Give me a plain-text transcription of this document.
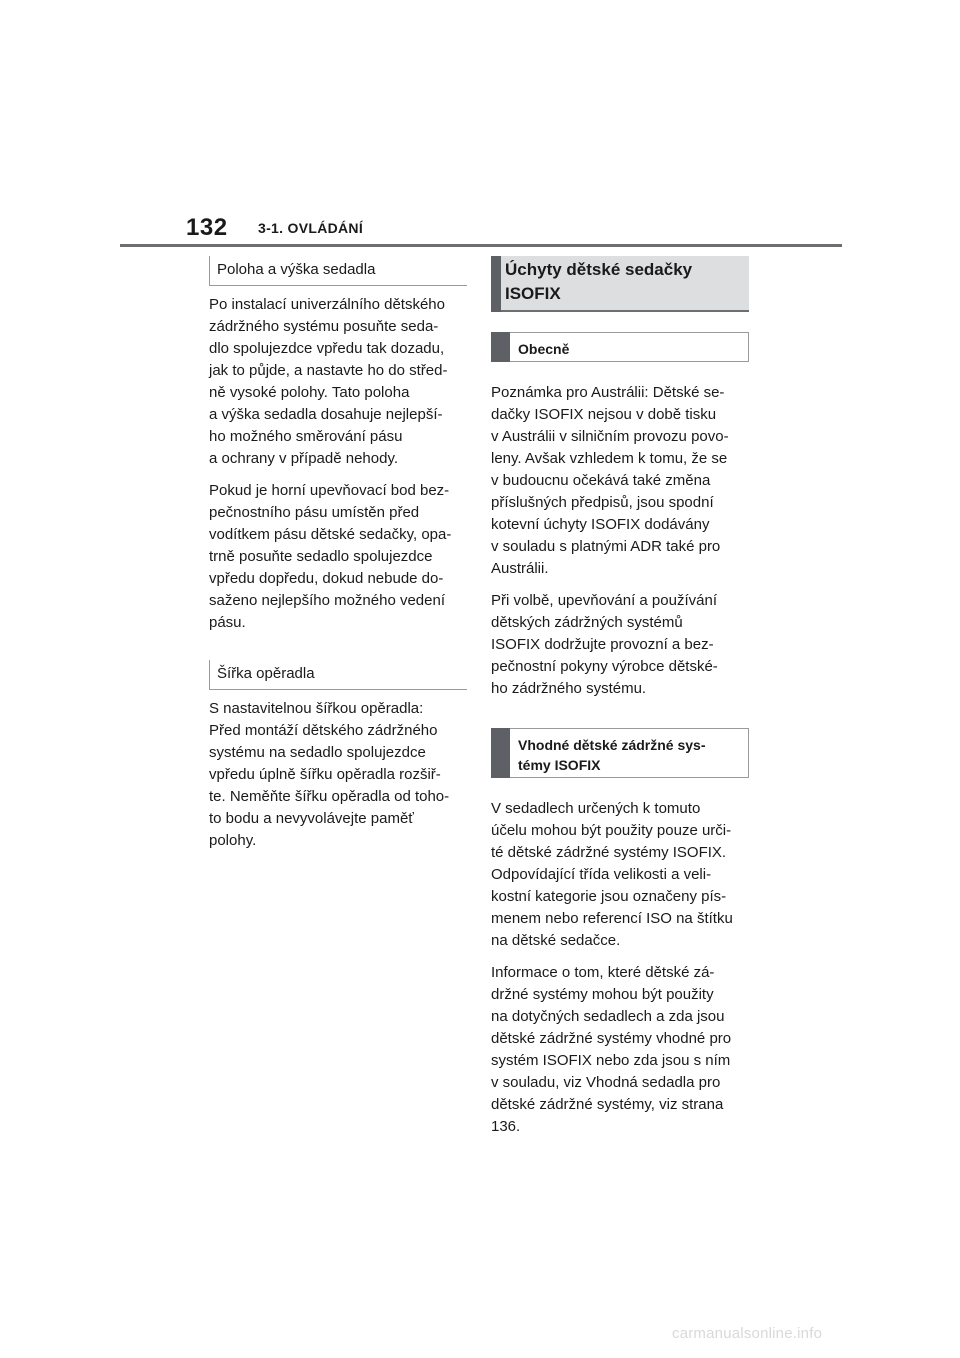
132 3-1. OVLÁDÁNÍ
Poloha a výška sedadla

Po instalací univerzálního dětského
zádržného systému posuňte seda-
dlo spolujezdce vpředu tak dozadu,
jak to půjde, a nastavte ho do střed-
ně vysoké polohy. Tato poloha
a výška sedadla dosahuje nejlepší-
ho možného směrování pásu
a ochrany v případě nehody.

Pokud je horní upevňovací bod bez-
pečnostního pásu umístěn před
vodítkem pásu dětské sedačky, opa-
trně posuňte sedadlo spolujezdce
vpředu dopředu, dokud nebude do-
saženo nejlepšího možného vedení
pásu.

Šířka opěradla

S nastavitelnou šířkou opěradla:
Před montáží dětského zádržného
systému na sedadlo spolujezdce
vpředu úplně šířku opěradla rozšiř-
te. Neměňte šířku opěradla od toho-
to bodu a nevyvolávejte paměť
polohy.

Úchyty dětské sedačky
ISOFIX
Obecně

Poznámka pro Austrálii: Dětské se-
dačky ISOFIX nejsou v době tisku
v Austrálii v silničním provozu povo-
leny. Avšak vzhledem k tomu, že se
v budoucnu očekává také změna
příslušných předpisů, jsou spodní
kotevní úchyty ISOFIX dodávány
v souladu s platnými ADR také pro
Austrálii.

Při volbě, upevňování a používání
dětských zádržných systémů
ISOFIX dodržujte provozní a bez-
pečnostní pokyny výrobce dětské-
ho zádržného systému.

Vhodné dětské zádržné sys-
témy ISOFIX

V sedadlech určených k tomuto
účelu mohou být použity pouze urči-
té dětské zádržné systémy ISOFIX.
Odpovídající třída velikosti a veli-
kostní kategorie jsou označeny pís-
menem nebo referencí ISO na štítku
na dětské sedačce.

Informace o tom, které dětské zá-
držné systémy mohou být použity
na dotyčných sedadlech a zda jsou
dětské zádržné systémy vhodné pro
systém ISOFIX nebo zda jsou s ním
v souladu, viz Vhodná sedadla pro
dětské zádržné systémy, viz strana
136.

carmanualsonline.info
